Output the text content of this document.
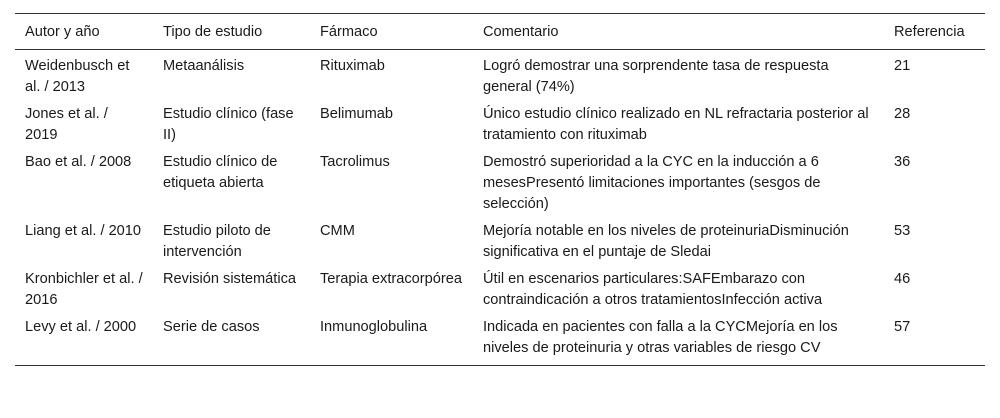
Autor y año	Tipo de estudio	Fármaco	Comentario	Referencia
Weidenbusch et al. / 2013	Metaanálisis	Rituximab	Logró demostrar una sorprendente tasa de respuesta general (74%)	21
Jones et al. / 2019	Estudio clínico (fase II)	Belimumab	Único estudio clínico realizado en NL refractaria posterior al tratamiento con rituximab	28
Bao et al. / 2008	Estudio clínico de etiqueta abierta	Tacrolimus	Demostró superioridad a la CYC en la inducción a 6 mesesPresentó limitaciones importantes (sesgos de selección)	36
Liang et al. / 2010	Estudio piloto de intervención	CMM	Mejoría notable en los niveles de proteinuriaDisminución significativa en el puntaje de Sledai	53
Kronbichler et al. / 2016	Revisión sistemática	Terapia extracorpórea	Útil en escenarios particulares:SAFEmbarazo con contraindicación a otros tratamientosInfección activa	46
Levy et al. / 2000	Serie de casos	Inmunoglobulina	Indicada en pacientes con falla a la CYCMejoría en los niveles de proteinuria y otras variables de riesgo CV	57
